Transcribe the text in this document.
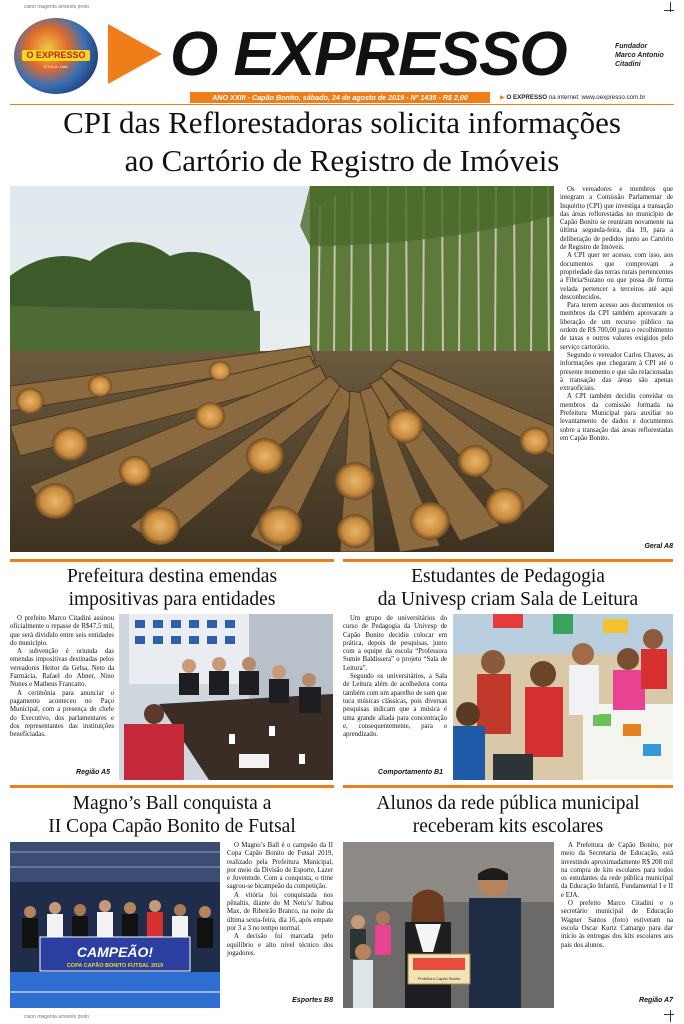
ciano magenta amarelo preto
ciano magenta amarelo preto
O EXPRESSO
S.S.A.A. Ltda.	O EXPRESSO	Fundador
Marco Antonio Citadini
ANO XXIII - Capão Bonito, sábado, 24 de agosto de 2019 - Nº 1435 - R$ 2,00	▶ O EXPRESSO na internet: www.oexpresso.com.br
CPI das Reflorestadoras solicita informações
ao Cartório de Registro de Imóveis

Os vereadores e membros que integram a Comissão Parlamentar de Inquérito (CPI) que investiga a transação das áreas reflorestadas no município de Capão Bonito se reuniram novamente na última segunda-feira, dia 19, para a deliberação de pedidos junto ao Cartório de Registro de Imóveis.

A CPI quer ter acesso, com isso, aos documentos que comprovam a propriedade das terras rurais pertencentes a Fibria/Suzano ou que possa de forma velada pertencer a terceiros até aqui desconhecidos.

Para terem acesso aos documentos os membros da CPI também aprovaram a liberação de um recurso público na ordem de R$ 700,00 para o recolhimento de taxas e outros valores exigidos pelo serviço cartorário.

Segundo o vereador Carlos Chaves, as informações que chegaram à CPI até o presente momento e que são relacionadas à transação das áreas são apenas extraoficiais.

A CPI também decidiu convidar os membros da comissão formada na Prefeitura Municipal para auxiliar no levantamento de dados e documentos sobre a transação das áreas reflorestadas em Capão Bonito.

Geral A8
Prefeitura destina emendas
impositivas para entidades

O prefeito Marco Citadini assinou oficialmente o repasse de R$47,5 mil, que será dividido entre seis entidades do município.

A subvenção é oriunda das emendas impositivas destinadas pelos vereadores Heitor da Gelsa, Neto da Farmácia, Rafael do Abner, Nino Nunes e Matheus Francatto.

A cerimônia para anunciar o pagamento aconteceu no Paço Municipal, com a presença do chefe do Executivo, dos parlamentares e dos representantes das instituições beneficiadas.

Região A5
Estudantes de Pedagogia
da Univesp criam Sala de Leitura

Um grupo de universitários do curso de Pedagogia da Univesp de Capão Bonito decidiu colocar em prática, depois de pesquisas, junto com a equipe da escola “Professora Sumie Baldissera” o projeto “Sala de Leitura”.

Segundo os universitários, a Sala de Leitura além de acolhedora conta também com um aparelho de som que toca músicas clássicas, pois diversas pesquisas indicam que a música é uma grande aliada para concentração e, consequentemente, para o aprendizado.

Comportamento B1
Magno’s Ball conquista a
II Copa Capão Bonito de Futsal
CAMPEÃO!
COPA CAPÃO BONITO FUTSAL 2019

O Magno’s Ball é o campeão da II Copa Capão Bonito de Futsal 2019, realizado pela Prefeitura Municipal, por meio da Divisão de Esporte, Lazer e Juventude. Com a conquista, o time sagrou-se bicampeão da competição.

A vitória foi conquistada nos pênaltis, diante do M Netu’s/ Itaboa Max, de Ribeirão Branco, na noite da última sexta-feira, dia 16, após empate por 3 a 3 no tempo normal.

A decisão foi marcada pelo equilíbrio e alto nível técnico dos jogadores.

Esportes B8
Alunos da rede pública municipal
receberam kits escolares
Prefeitura Capão Bonito

A Prefeitura de Capão Bonito, por meio da Secretaria de Educação, está investindo aproximadamente R$ 208 mil na compra de kits escolares para todos os estudantes da rede pública municipal da Educação Infantil, Fundamental I e II e EJA.

O prefeito Marco Citadini e o secretário municipal de Educação Wagner Santos (foto) estiveram na escola Oscar Kurtz Camargo para dar início às entregas dos kits escolares aos pais dos alunos.

Região A7
